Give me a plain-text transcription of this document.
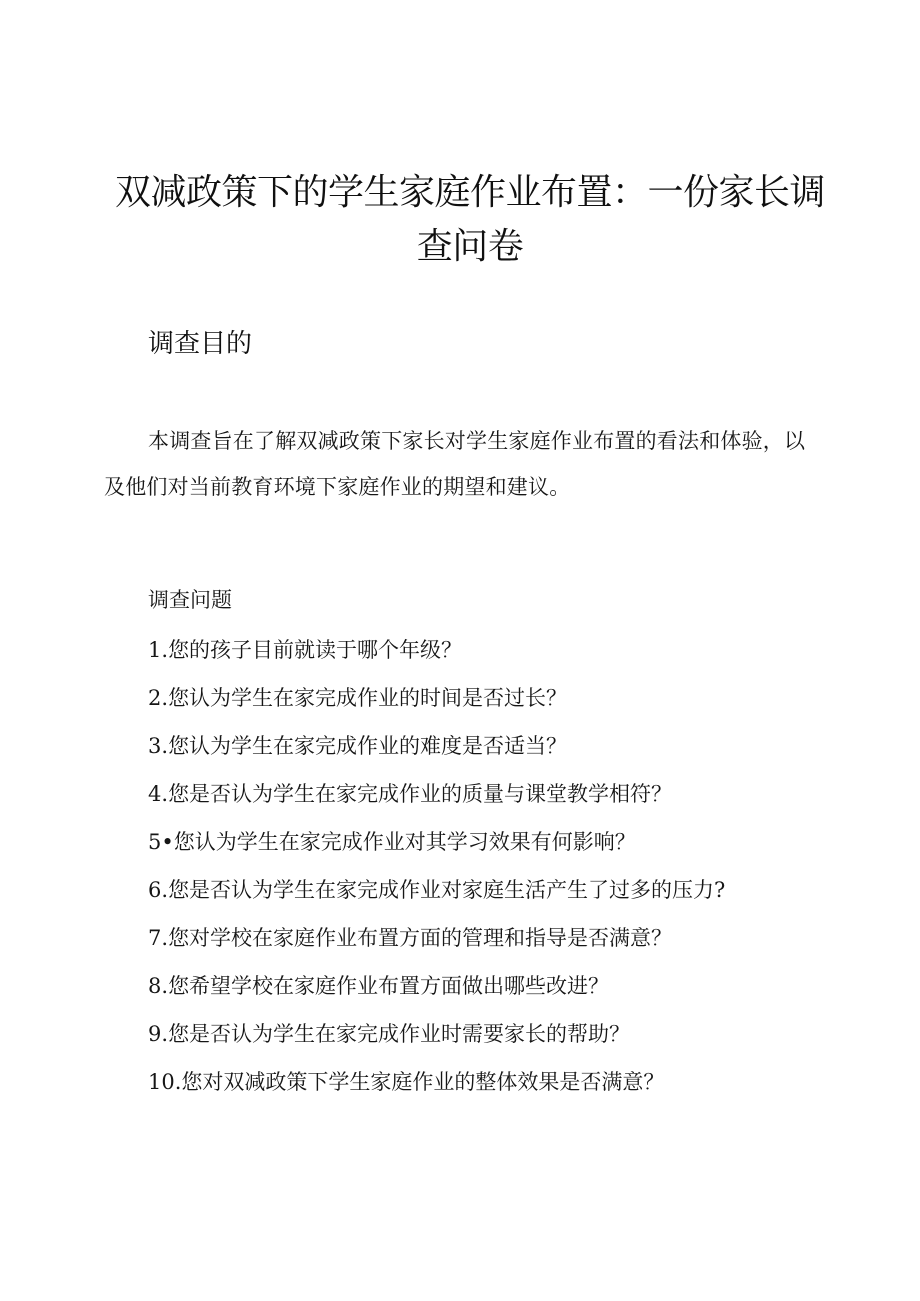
双减政策下的学生家庭作业布置：一份家长调查问卷
调查目的
本调查旨在了解双减政策下家长对学生家庭作业布置的看法和体验，以及他们对当前教育环境下家庭作业的期望和建议。
调查问题
1.您的孩子目前就读于哪个年级？
2.您认为学生在家完成作业的时间是否过长？
3.您认为学生在家完成作业的难度是否适当？
4.您是否认为学生在家完成作业的质量与课堂教学相符？
5•您认为学生在家完成作业对其学习效果有何影响？
6.您是否认为学生在家完成作业对家庭生活产生了过多的压力?
7.您对学校在家庭作业布置方面的管理和指导是否满意？
8.您希望学校在家庭作业布置方面做出哪些改进？
9.您是否认为学生在家完成作业时需要家长的帮助？
10.您对双减政策下学生家庭作业的整体效果是否满意？
